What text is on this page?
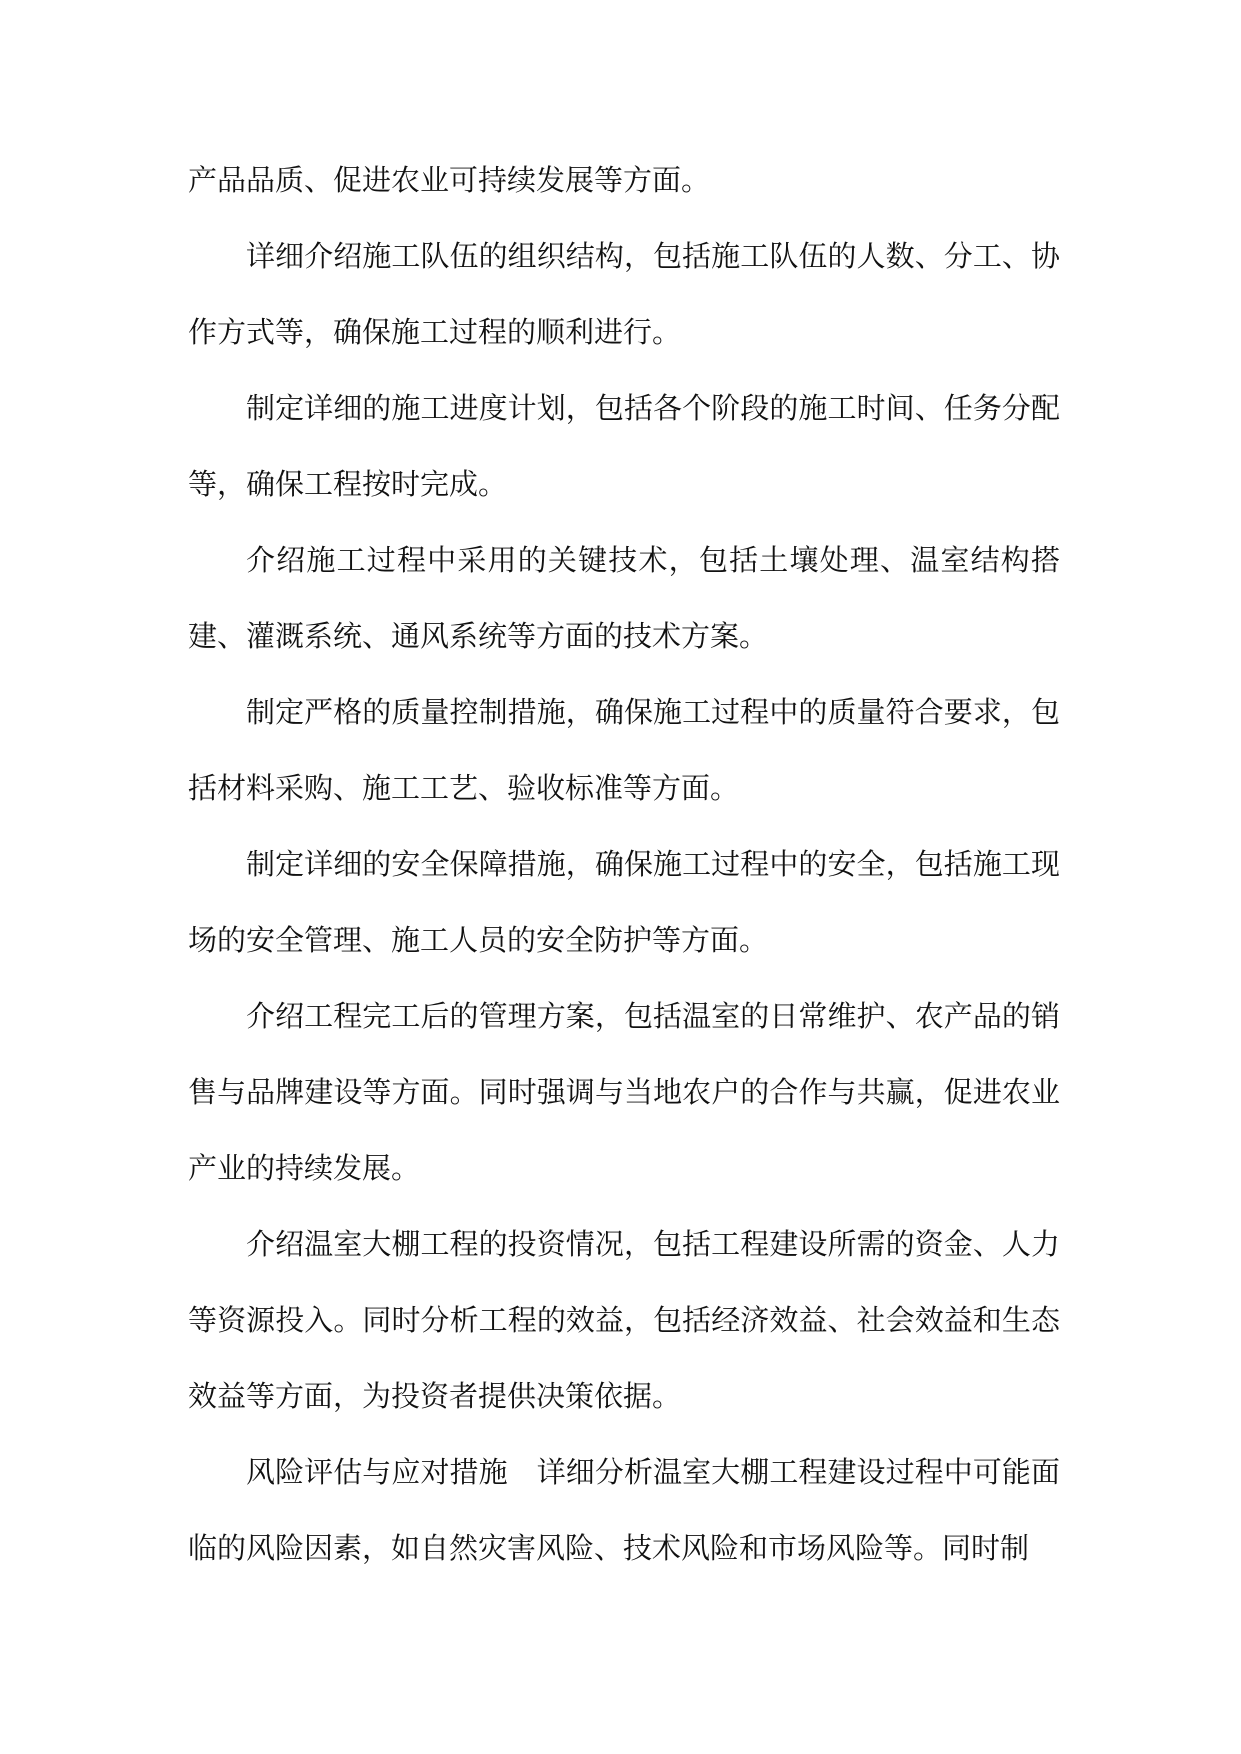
产品品质、促进农业可持续发展等方面。

详细介绍施工队伍的组织结构，包括施工队伍的人数、分工、协作方式等，确保施工过程的顺利进行。

制定详细的施工进度计划，包括各个阶段的施工时间、任务分配等，确保工程按时完成。

介绍施工过程中采用的关键技术，包括土壤处理、温室结构搭建、灌溉系统、通风系统等方面的技术方案。

制定严格的质量控制措施，确保施工过程中的质量符合要求，包括材料采购、施工工艺、验收标准等方面。

制定详细的安全保障措施，确保施工过程中的安全，包括施工现场的安全管理、施工人员的安全防护等方面。

介绍工程完工后的管理方案，包括温室的日常维护、农产品的销售与品牌建设等方面。同时强调与当地农户的合作与共赢，促进农业产业的持续发展。

介绍温室大棚工程的投资情况，包括工程建设所需的资金、人力等资源投入。同时分析工程的效益，包括经济效益、社会效益和生态效益等方面，为投资者提供决策依据。

风险评估与应对措施　详细分析温室大棚工程建设过程中可能面临的风险因素，如自然灾害风险、技术风险和市场风险等。同时制
